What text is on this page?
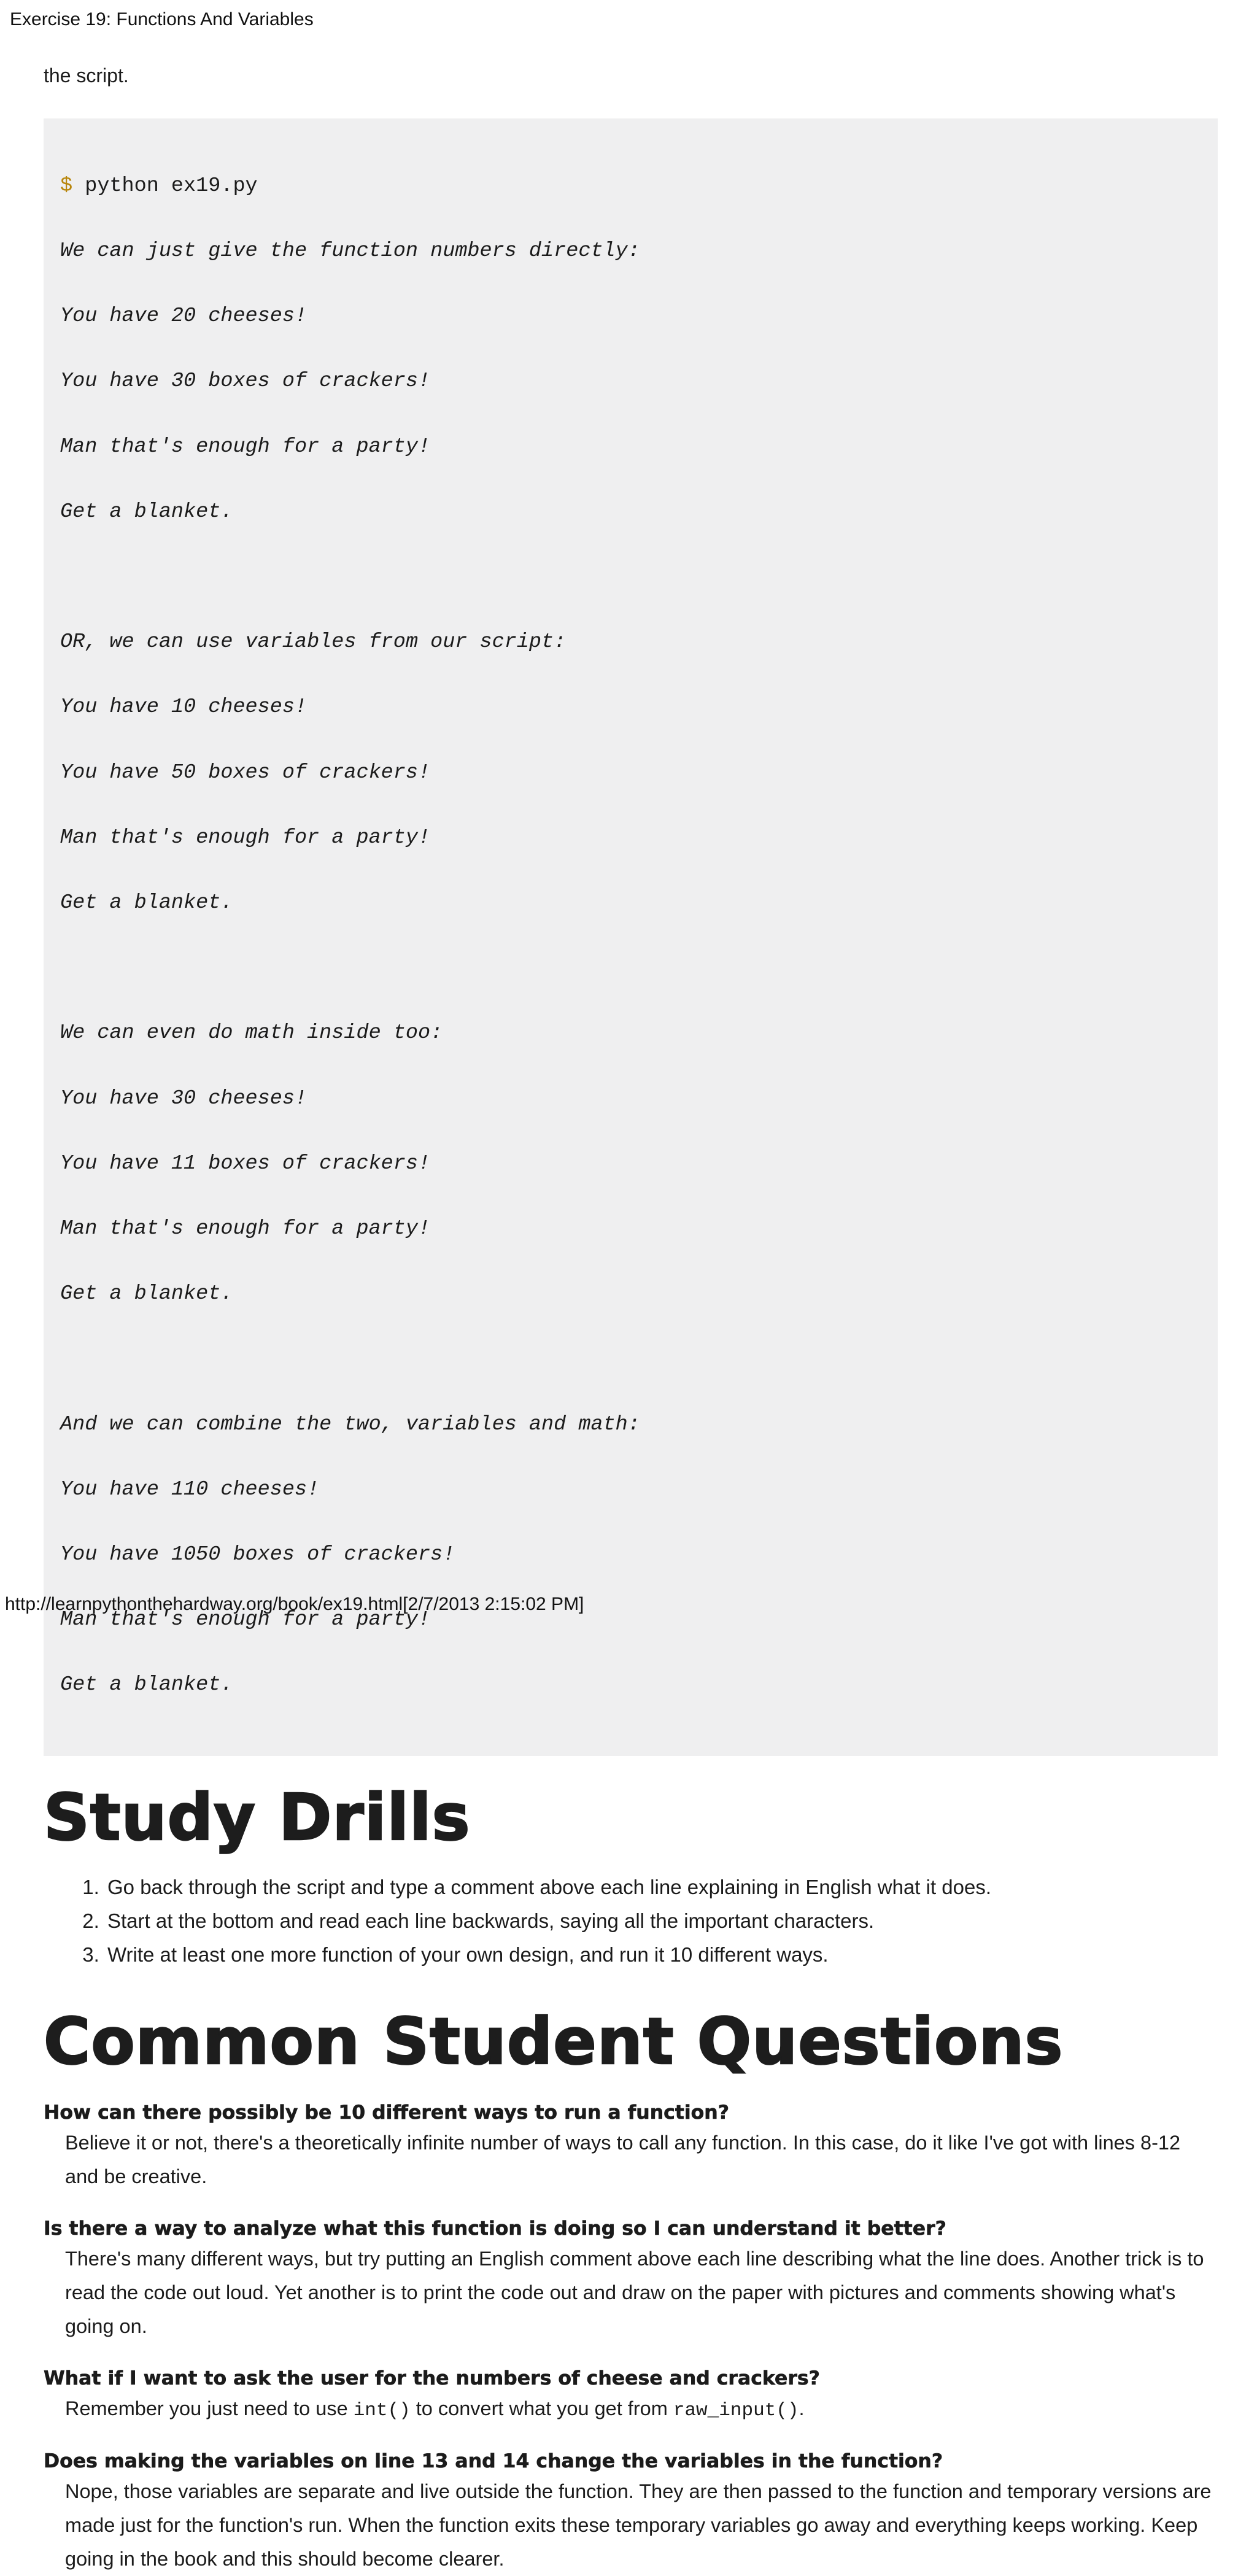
Exercise 19: Functions And Variables

the script.

$ python ex19.py

We can just give the function numbers directly:

You have 20 cheeses!

You have 30 boxes of crackers!

Man that's enough for a party!

Get a blanket.

OR, we can use variables from our script:

You have 10 cheeses!

You have 50 boxes of crackers!

Man that's enough for a party!

Get a blanket.

We can even do math inside too:

You have 30 cheeses!

You have 11 boxes of crackers!

Man that's enough for a party!

Get a blanket.

And we can combine the two, variables and math:

You have 110 cheeses!

You have 1050 boxes of crackers!

Man that's enough for a party!

Get a blanket.

Study Drills
1. Go back through the script and type a comment above each line explaining in English what it does.
2. Start at the bottom and read each line backwards, saying all the important characters.
3. Write at least one more function of your own design, and run it 10 different ways.
Common Student Questions

How can there possibly be 10 different ways to run a function?

Believe it or not, there's a theoretically infinite number of ways to call any function. In this case, do it like I've got with lines 8-12 and be creative.

Is there a way to analyze what this function is doing so I can understand it better?

There's many different ways, but try putting an English comment above each line describing what the line does. Another trick is to read the code out loud. Yet another is to print the code out and draw on the paper with pictures and comments showing what's going on.

What if I want to ask the user for the numbers of cheese and crackers?

Remember you just need to use int() to convert what you get from raw_input().

Does making the variables on line 13 and 14 change the variables in the function?

Nope, those variables are separate and live outside the function. They are then passed to the function and temporary versions are made just for the function's run. When the function exits these temporary variables go away and everything keeps working. Keep going in the book and this should become clearer.

http://learnpythonthehardway.org/book/ex19.html[2/7/2013 2:15:02 PM]
